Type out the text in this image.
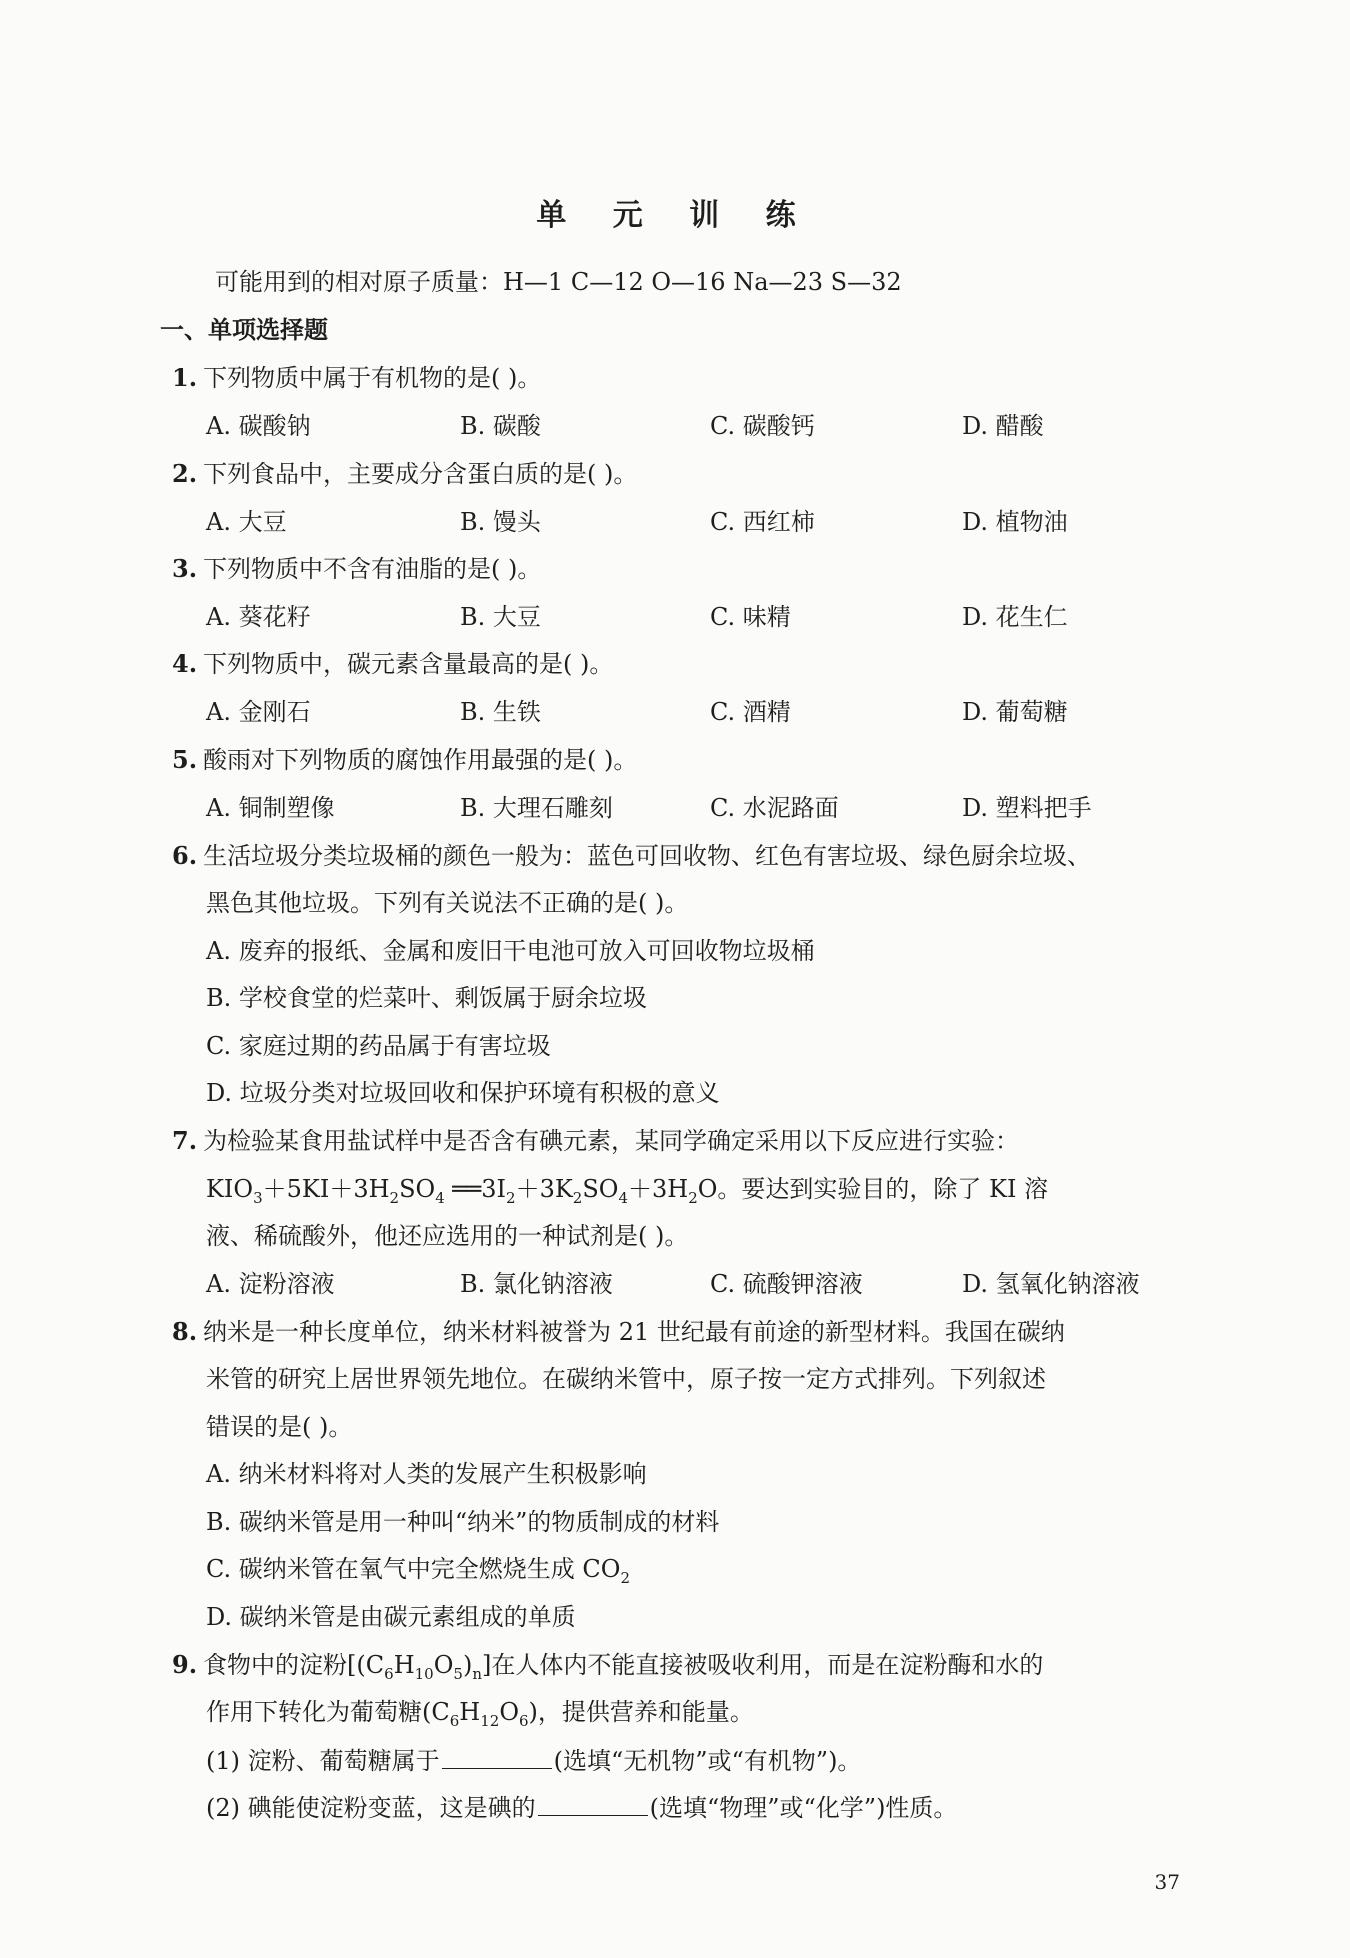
单 元 训 练
可能用到的相对原子质量：H—1 C—12 O—16 Na—23 S—32
一、单项选择题
1. 下列物质中属于有机物的是( )。
A. 碳酸钠	B. 碳酸	C. 碳酸钙	D. 醋酸
2. 下列食品中，主要成分含蛋白质的是( )。
A. 大豆	B. 馒头	C. 西红柿	D. 植物油
3. 下列物质中不含有油脂的是( )。
A. 葵花籽	B. 大豆	C. 味精	D. 花生仁
4. 下列物质中，碳元素含量最高的是( )。
A. 金刚石	B. 生铁	C. 酒精	D. 葡萄糖
5. 酸雨对下列物质的腐蚀作用最强的是( )。
A. 铜制塑像	B. 大理石雕刻	C. 水泥路面	D. 塑料把手
6. 生活垃圾分类垃圾桶的颜色一般为：蓝色可回收物、红色有害垃圾、绿色厨余垃圾、
黑色其他垃圾。下列有关说法不正确的是( )。
A. 废弃的报纸、金属和废旧干电池可放入可回收物垃圾桶
B. 学校食堂的烂菜叶、剩饭属于厨余垃圾
C. 家庭过期的药品属于有害垃圾
D. 垃圾分类对垃圾回收和保护环境有积极的意义
7. 为检验某食用盐试样中是否含有碘元素，某同学确定采用以下反应进行实验：
$KIO_3+5KI+3H_2SO_4$ $══3I_2+3K_2SO_4+3H_2O$。要达到实验目的，除了 KI 溶
液、稀硫酸外，他还应选用的一种试剂是( )。
A. 淀粉溶液	B. 氯化钠溶液	C. 硫酸钾溶液	D. 氢氧化钠溶液
8. 纳米是一种长度单位，纳米材料被誉为 21 世纪最有前途的新型材料。我国在碳纳
米管的研究上居世界领先地位。在碳纳米管中，原子按一定方式排列。下列叙述
错误的是( )。
A. 纳米材料将对人类的发展产生积极影响
B. 碳纳米管是用一种叫“纳米”的物质制成的材料
C. 碳纳米管在氧气中完全燃烧生成 $CO_2$
D. 碳纳米管是由碳元素组成的单质
9. 食物中的淀粉$[(C_6H_{10}O_5)_n]$在人体内不能直接被吸收利用，而是在淀粉酶和水的
作用下转化为葡萄糖$(C_6H_{12}O_6)$，提供营养和能量。
(1) 淀粉、葡萄糖属于	(选填“无机物”或“有机物”)。
(2) 碘能使淀粉变蓝，这是碘的	(选填“物理”或“化学”)性质。
37
